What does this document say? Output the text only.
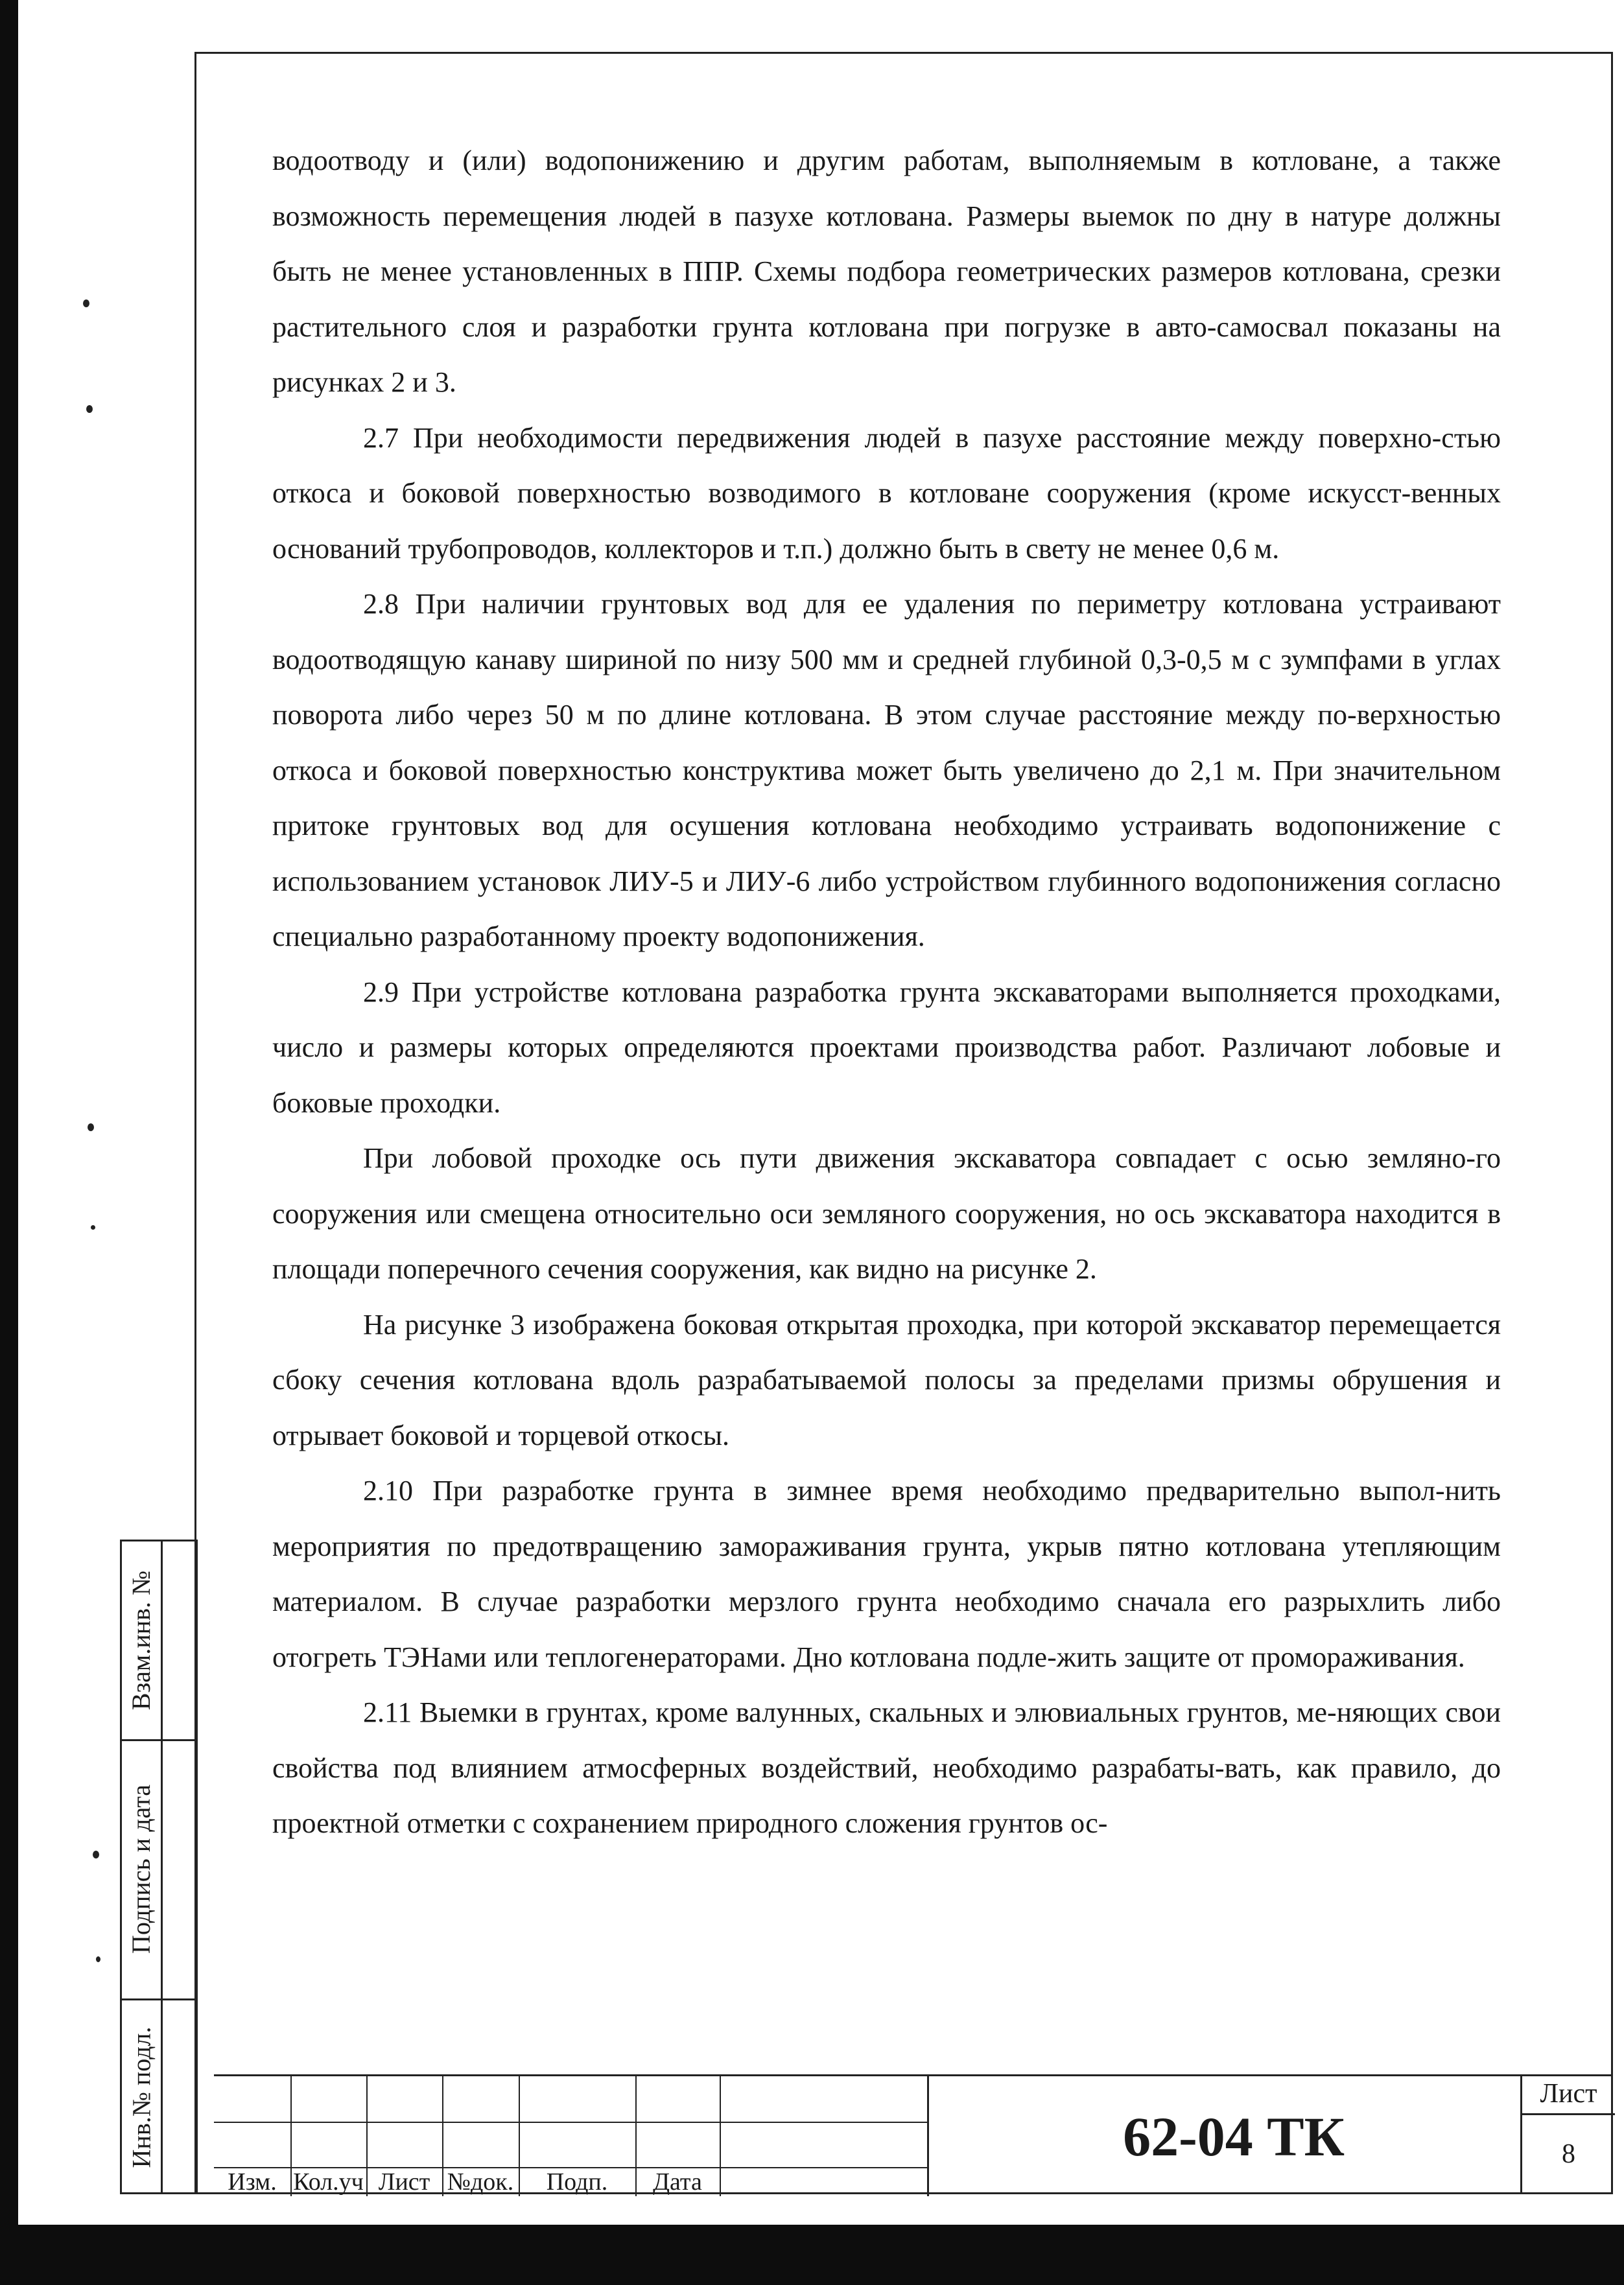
водоотводу и (или) водопонижению и другим работам, выполняемым в котловане, а также возможность перемещения людей в пазухе котлована. Размеры выемок по дну в натуре должны быть не менее установленных в ППР. Схемы подбора геометрических размеров котлована, срезки растительного слоя и разработки грунта котлована при погрузке в авто-самосвал показаны на рисунках 2 и 3.

2.7 При необходимости передвижения людей в пазухе расстояние между поверхно-стью откоса и боковой поверхностью возводимого в котловане сооружения (кроме искусст-венных оснований трубопроводов, коллекторов и т.п.) должно быть в свету не менее 0,6 м.

2.8 При наличии грунтовых вод для ее удаления по периметру котлована устраивают водоотводящую канаву шириной по низу 500 мм и средней глубиной 0,3-0,5 м с зумпфами в углах поворота либо через 50 м по длине котлована. В этом случае расстояние между по-верхностью откоса и боковой поверхностью конструктива может быть увеличено до 2,1 м. При значительном притоке грунтовых вод для осушения котлована необходимо устраивать водопонижение с использованием установок ЛИУ-5 и ЛИУ-6 либо устройством глубинного водопонижения согласно специально разработанному проекту водопонижения.

2.9 При устройстве котлована разработка грунта экскаваторами выполняется проходками, число и размеры которых определяются проектами производства работ. Различают лобовые и боковые проходки.

При лобовой проходке ось пути движения экскаватора совпадает с осью землянo-го сооружения или смещена относительно оси земляного сооружения, но ось экскаватора находится в площади поперечного сечения сооружения, как видно на рисунке 2.

На рисунке 3 изображена боковая открытая проходка, при которой экскаватор перемещается сбоку сечения котлована вдоль разрабатываемой полосы за пределами призмы обрушения и отрывает боковой и торцевой откосы.

2.10 При разработке грунта в зимнее время необходимо предварительно выпол-нить мероприятия по предотвращению замораживания грунта, укрыв пятно котлована утепляющим материалом. В случае разработки мерзлого грунта необходимо сначала его разрыхлить либо отогреть ТЭНами или теплогенераторами. Дно котлована подле-жить защите от промораживания.

2.11 Выемки в грунтах, кроме валунных, скальных и элювиальных грунтов, ме-няющих свои свойства под влиянием атмосферных воздействий, необходимо разрабаты-вать, как правило, до проектной отметки с сохранением природного сложения грунтов ос-

Взам.инв. №
Подпись и дата
Инв.№ подл.
Изм. Кол.уч Лист №док.	Подп.	Дата
62-04 ТК
Лист
8
